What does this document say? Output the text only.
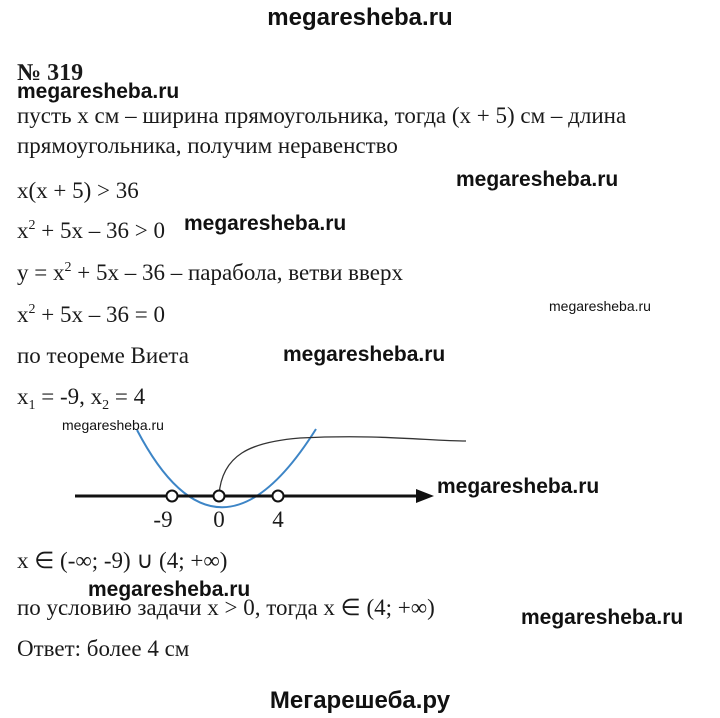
megaresheba.ru
№ 319
megaresheba.ru
пусть x см – ширина прямоугольника, тогда (x + 5) см – длина
прямоугольника, получим неравенство
x(x + 5) > 36	megaresheba.ru
$x^2 + 5x - 36 > 0$ megaresheba.ru
$y = x^2 + 5x - 36$ – парабола, ветви вверх
$x^2 + 5x - 36 = 0$	megaresheba.ru
по теореме Виета	megaresheba.ru
$x_1 = -9$, $x_2 = 4$
megaresheba.ru
-9 0 4
megaresheba.ru
x ∈ (-∞; -9) ∪ (4; +∞)
megaresheba.ru
по условию задачи x > 0, тогда x ∈ (4; +∞)	megaresheba.ru
Ответ: более 4 см
Мегарешеба.ру
